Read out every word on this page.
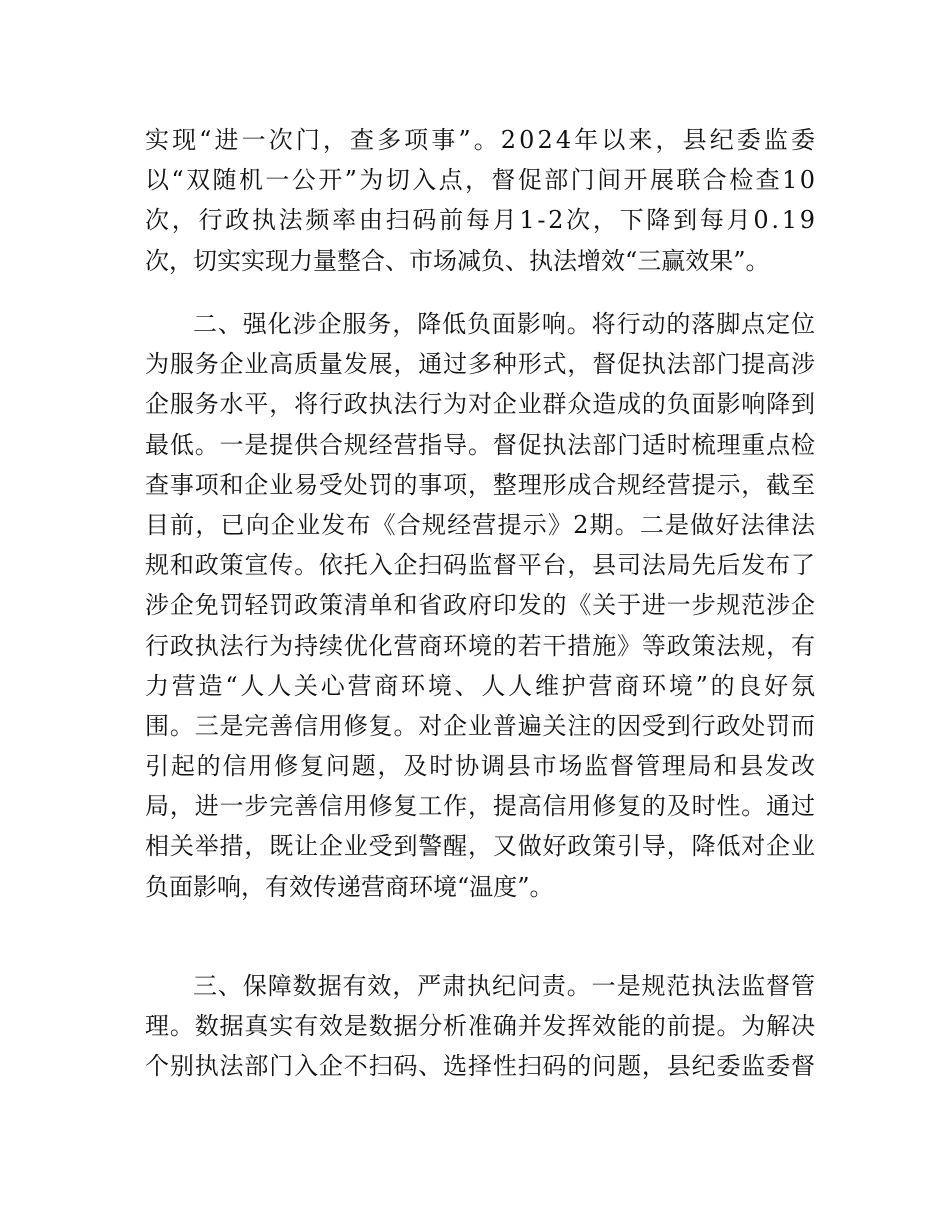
实现“进一次门，查多项事”。2024年以来，县纪委监委
以“双随机一公开”为切入点，督促部门间开展联合检查10
次，行政执法频率由扫码前每月1-2次，下降到每月0.19
次，切实实现力量整合、市场减负、执法增效“三赢效果”。
二、强化涉企服务，降低负面影响。将行动的落脚点定位
为服务企业高质量发展，通过多种形式，督促执法部门提高涉
企服务水平，将行政执法行为对企业群众造成的负面影响降到
最低。一是提供合规经营指导。督促执法部门适时梳理重点检
查事项和企业易受处罚的事项，整理形成合规经营提示，截至
目前，已向企业发布《合规经营提示》2期。二是做好法律法
规和政策宣传。依托入企扫码监督平台，县司法局先后发布了
涉企免罚轻罚政策清单和省政府印发的《关于进一步规范涉企
行政执法行为持续优化营商环境的若干措施》等政策法规，有
力营造“人人关心营商环境、人人维护营商环境”的良好氛
围。三是完善信用修复。对企业普遍关注的因受到行政处罚而
引起的信用修复问题，及时协调县市场监督管理局和县发改
局，进一步完善信用修复工作，提高信用修复的及时性。通过
相关举措，既让企业受到警醒，又做好政策引导，降低对企业
负面影响，有效传递营商环境“温度”。
三、保障数据有效，严肃执纪问责。一是规范执法监督管
理。数据真实有效是数据分析准确并发挥效能的前提。为解决
个别执法部门入企不扫码、选择性扫码的问题，县纪委监委督
